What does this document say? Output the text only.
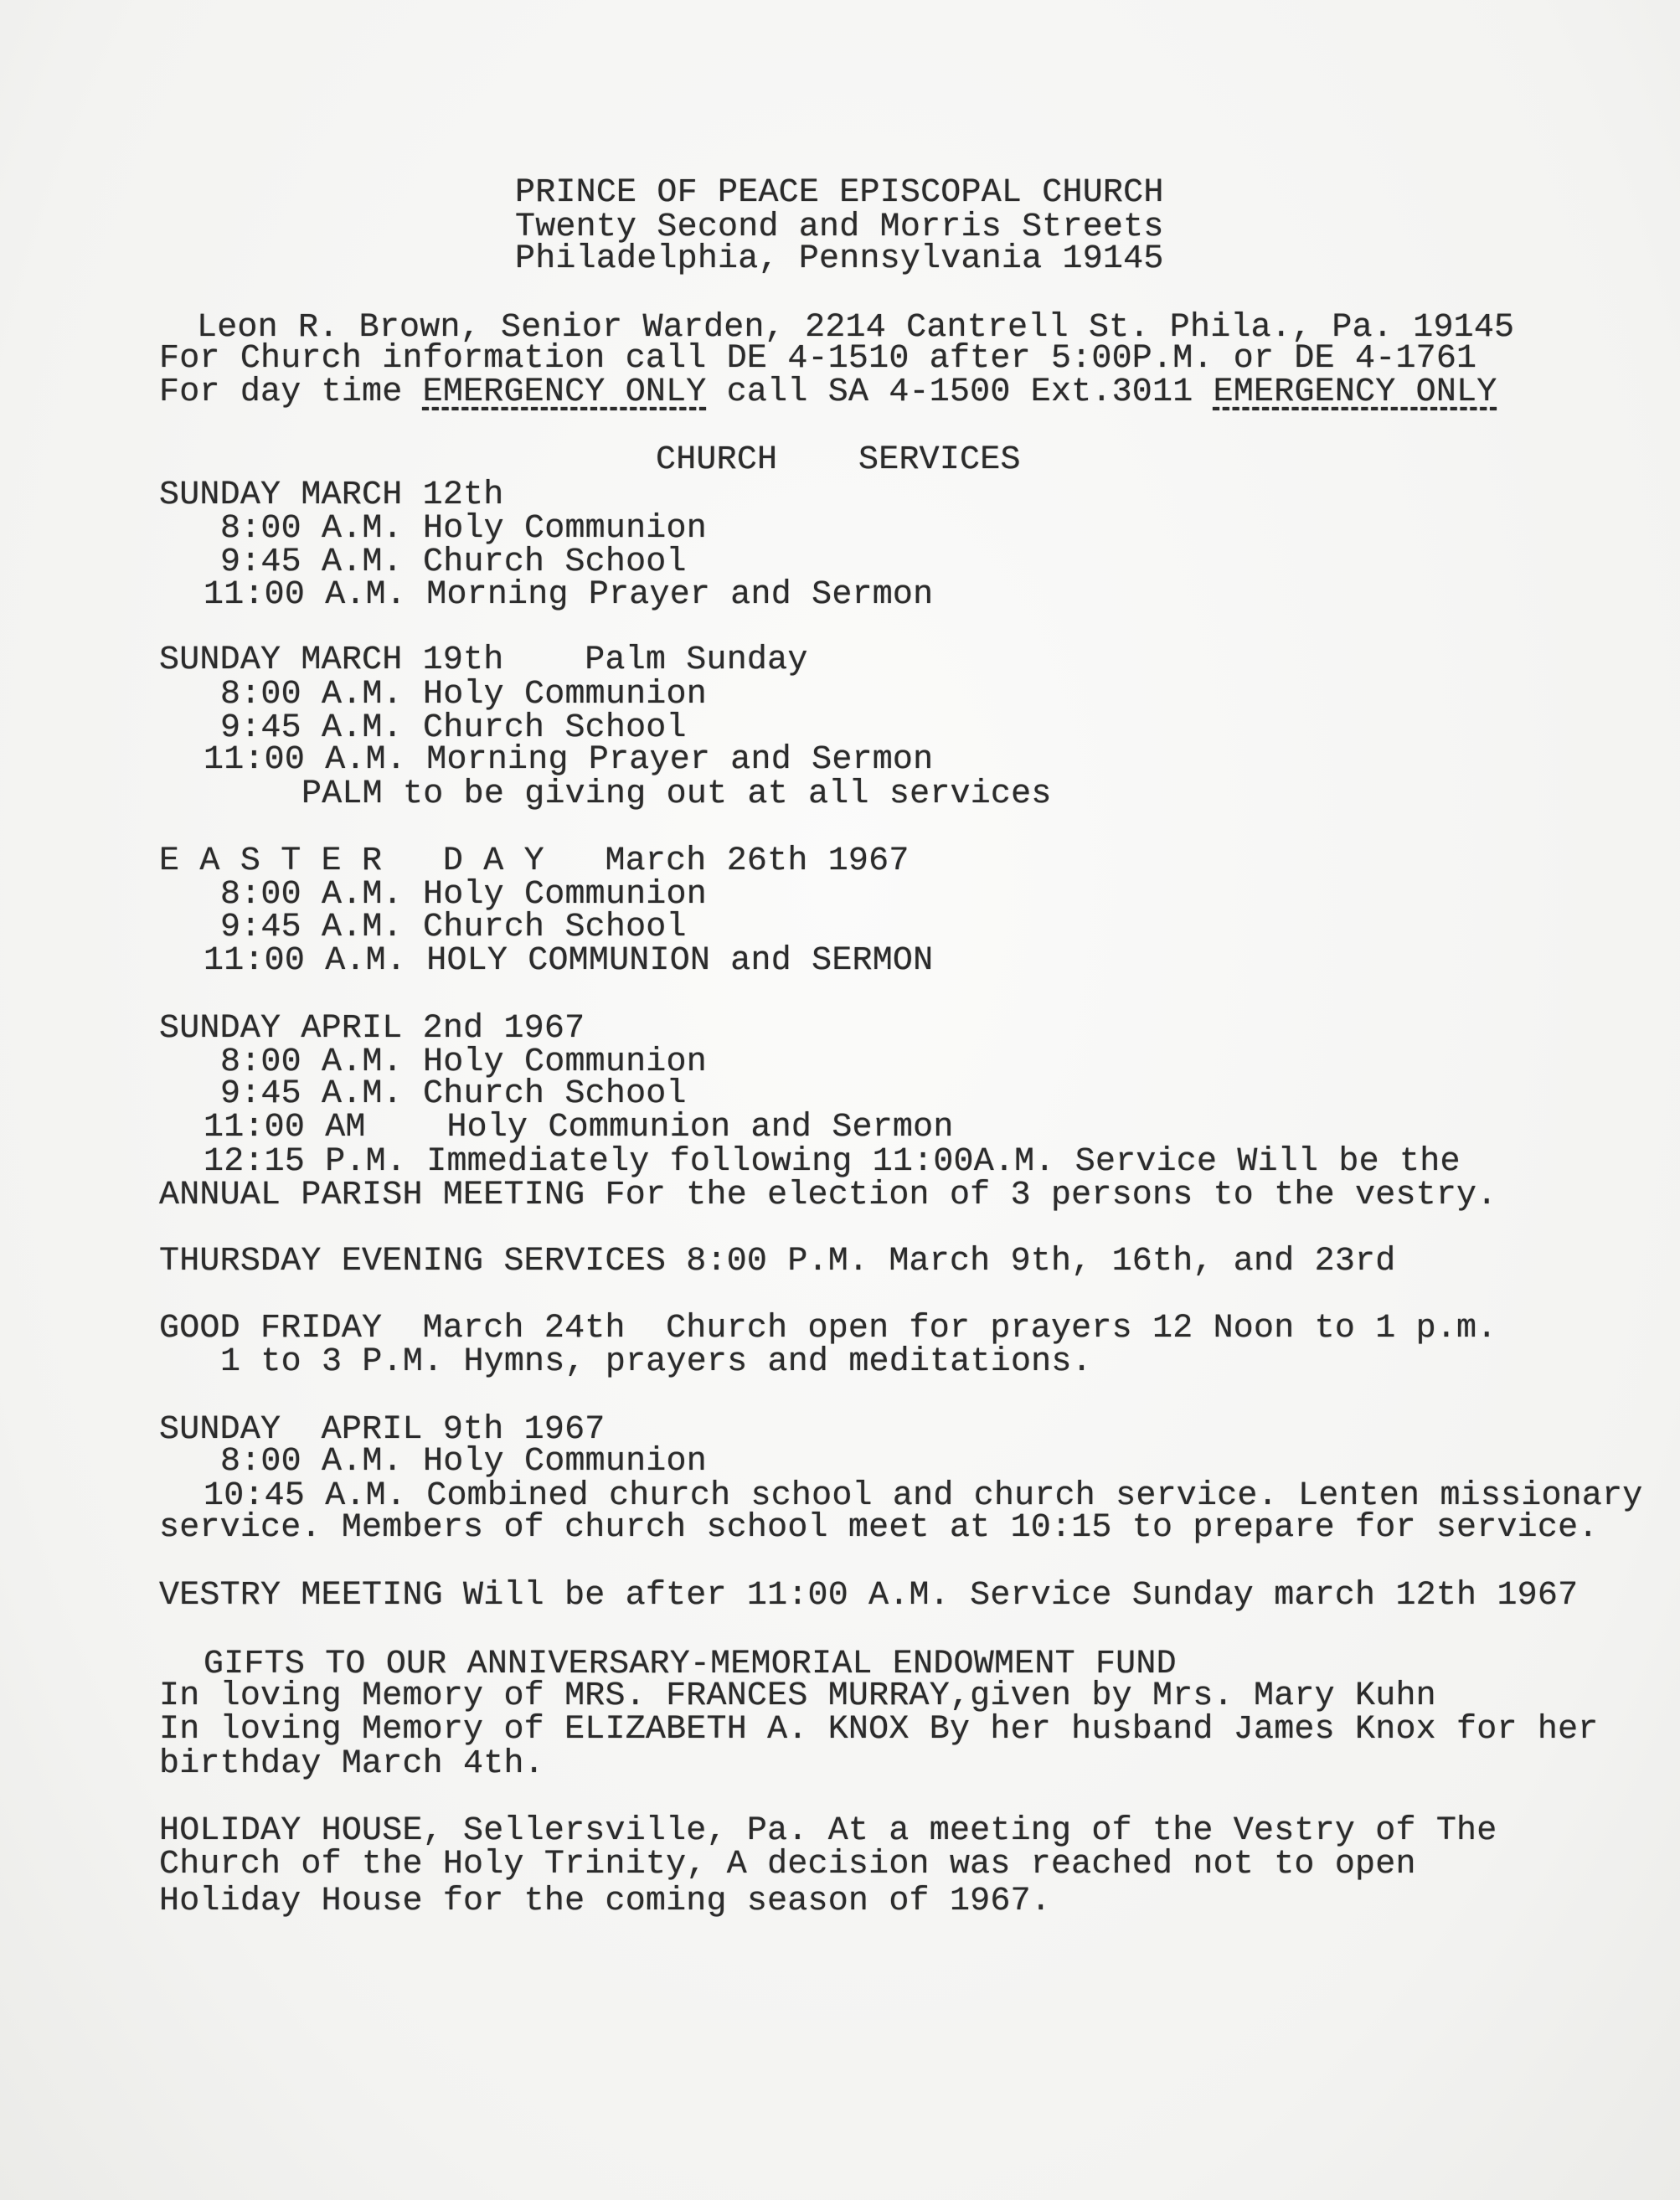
PRINCE OF PEACE EPISCOPAL CHURCH
Twenty Second and Morris Streets
Philadelphia, Pennsylvania 19145
Leon R. Brown, Senior Warden, 2214 Cantrell St. Phila., Pa. 19145
For Church information call DE 4-1510 after 5:00P.M. or DE 4-1761
For day time EMERGENCY ONLY call SA 4-1500 Ext.3011 EMERGENCY ONLY
CHURCH    SERVICES
SUNDAY MARCH 12th
8:00 A.M. Holy Communion
9:45 A.M. Church School
11:00 A.M. Morning Prayer and Sermon
SUNDAY MARCH 19th    Palm Sunday
8:00 A.M. Holy Communion
9:45 A.M. Church School
11:00 A.M. Morning Prayer and Sermon
PALM to be giving out at all services
E A S T E R   D A Y   March 26th 1967
8:00 A.M. Holy Communion
9:45 A.M. Church School
11:00 A.M. HOLY COMMUNION and SERMON
SUNDAY APRIL 2nd 1967
8:00 A.M. Holy Communion
9:45 A.M. Church School
11:00 AM    Holy Communion and Sermon
12:15 P.M. Immediately following 11:00A.M. Service Will be the
ANNUAL PARISH MEETING For the election of 3 persons to the vestry.
THURSDAY EVENING SERVICES 8:00 P.M. March 9th, 16th, and 23rd
GOOD FRIDAY  March 24th  Church open for prayers 12 Noon to 1 p.m.
1 to 3 P.M. Hymns, prayers and meditations.
SUNDAY  APRIL 9th 1967
8:00 A.M. Holy Communion
10:45 A.M. Combined church school and church service. Lenten missionary
service. Members of church school meet at 10:15 to prepare for service.
VESTRY MEETING Will be after 11:00 A.M. Service Sunday march 12th 1967
GIFTS TO OUR ANNIVERSARY-MEMORIAL ENDOWMENT FUND
In loving Memory of MRS. FRANCES MURRAY,given by Mrs. Mary Kuhn
In loving Memory of ELIZABETH A. KNOX By her husband James Knox for her
birthday March 4th.
HOLIDAY HOUSE, Sellersville, Pa. At a meeting of the Vestry of The
Church of the Holy Trinity, A decision was reached not to open
Holiday House for the coming season of 1967.
